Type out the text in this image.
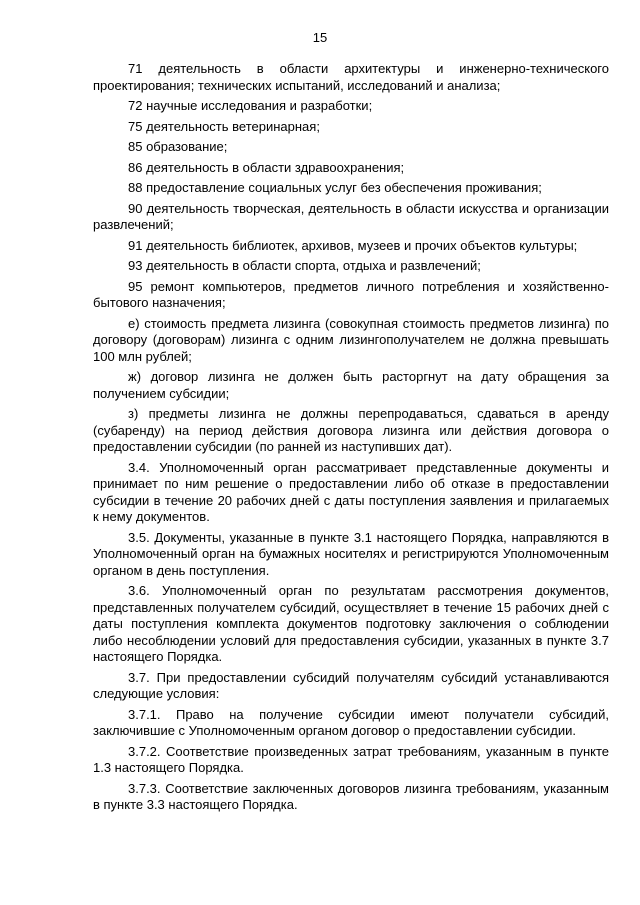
15

71 деятельность в области архитектуры и инженерно-технического проектирования; технических испытаний, исследований и анализа;

72 научные исследования и разработки;

75 деятельность ветеринарная;

85 образование;

86 деятельность в области здравоохранения;

88 предоставление социальных услуг без обеспечения проживания;

90 деятельность творческая, деятельность в области искусства и организации развлечений;

91 деятельность библиотек, архивов, музеев и прочих объектов культуры;

93 деятельность в области спорта, отдыха и развлечений;

95 ремонт компьютеров, предметов личного потребления и хозяйственно-бытового назначения;

е) стоимость предмета лизинга (совокупная стоимость предметов лизинга) по договору (договорам) лизинга с одним лизингополучателем не должна превышать 100 млн рублей;

ж) договор лизинга не должен быть расторгнут на дату обращения за получением субсидии;

з) предметы лизинга не должны перепродаваться, сдаваться в аренду (субаренду) на период действия договора лизинга или действия договора о предоставлении субсидии (по ранней из наступивших дат).

3.4. Уполномоченный орган рассматривает представленные документы и принимает по ним решение о предоставлении либо об отказе в предоставлении субсидии в течение 20 рабочих дней с даты поступления заявления и прилагаемых к нему документов.

3.5. Документы, указанные в пункте 3.1 настоящего Порядка, направляются в Уполномоченный орган на бумажных носителях и регистрируются Уполномоченным органом в день поступления.

3.6. Уполномоченный орган по результатам рассмотрения документов, представленных получателем субсидий, осуществляет в течение 15 рабочих дней с даты поступления комплекта документов подготовку заключения о соблюдении либо несоблюдении условий для предоставления субсидии, указанных в пункте 3.7 настоящего Порядка.

3.7. При предоставлении субсидий получателям субсидий устанавливаются следующие условия:

3.7.1. Право на получение субсидии имеют получатели субсидий, заключившие с Уполномоченным органом договор о предоставлении субсидии.

3.7.2. Соответствие произведенных затрат требованиям, указанным в пункте 1.3 настоящего Порядка.

3.7.3. Соответствие заключенных договоров лизинга требованиям, указанным в пункте 3.3 настоящего Порядка.
